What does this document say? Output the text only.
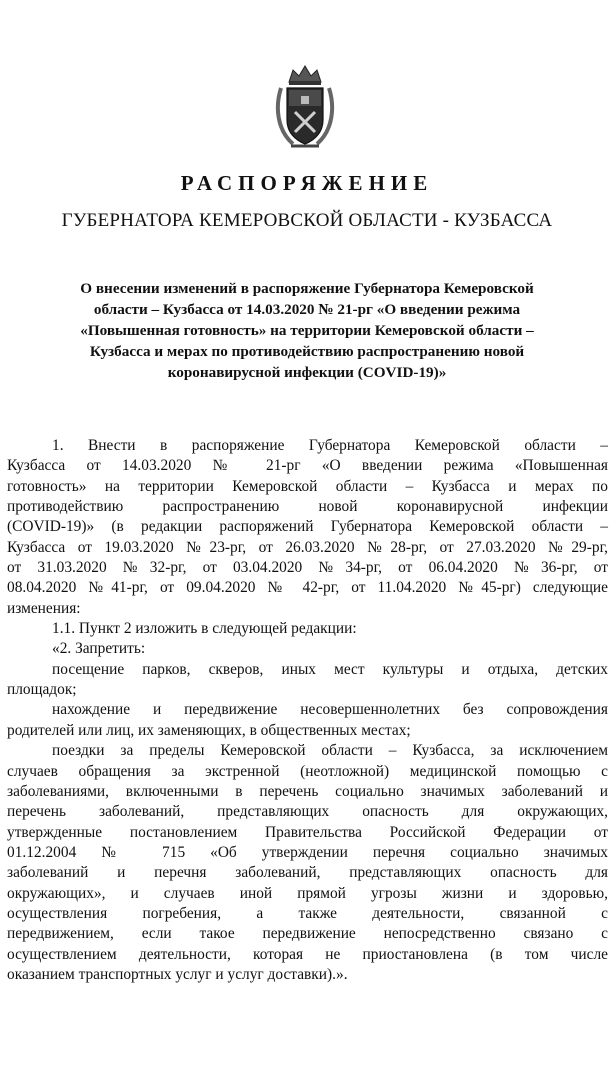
РАСПОРЯЖЕНИЕ
ГУБЕРНАТОРА КЕМЕРОВСКОЙ ОБЛАСТИ - КУЗБАССА
О внесении изменений в распоряжение Губернатора Кемеровской
области – Кузбасса от 14.03.2020 № 21-рг «О введении режима
«Повышенная готовность» на территории Кемеровской области –
Кузбасса и мерах по противодействию распространению новой
коронавирусной инфекции (COVID-19)»
1. Внести в распоряжение Губернатора Кемеровской области –
Кузбасса от 14.03.2020 № 21-рг «О введении режима «Повышенная
готовность» на территории Кемеровской области – Кузбасса и мерах по
противодействию распространению новой коронавирусной инфекции
(COVID-19)» (в редакции распоряжений Губернатора Кемеровской области –
Кузбасса от 19.03.2020 №23-рг, от 26.03.2020 №28-рг, от 27.03.2020 №29-рг,
от 31.03.2020 №32-рг, от 03.04.2020 №34-рг, от 06.04.2020 №36-рг, от
08.04.2020 №41-рг, от 09.04.2020 № 42-рг, от 11.04.2020 №45-рг) следующие
изменения:
1.1. Пункт 2 изложить в следующей редакции:
«2. Запретить:
посещение парков, скверов, иных мест культуры и отдыха, детских
площадок;
нахождение и передвижение несовершеннолетних без сопровождения
родителей или лиц, их заменяющих, в общественных местах;
поездки за пределы Кемеровской области – Кузбасса, за исключением
случаев обращения за экстренной (неотложной) медицинской помощью с
заболеваниями, включенными в перечень социально значимых заболеваний и
перечень заболеваний, представляющих опасность для окружающих,
утвержденные постановлением Правительства Российской Федерации от
01.12.2004 № 715 «Об утверждении перечня социально значимых
заболеваний и перечня заболеваний, представляющих опасность для
окружающих», и случаев иной прямой угрозы жизни и здоровью,
осуществления погребения, а также деятельности, связанной с
передвижением, если такое передвижение непосредственно связано с
осуществлением деятельности, которая не приостановлена (в том числе
оказанием транспортных услуг и услуг доставки).».
